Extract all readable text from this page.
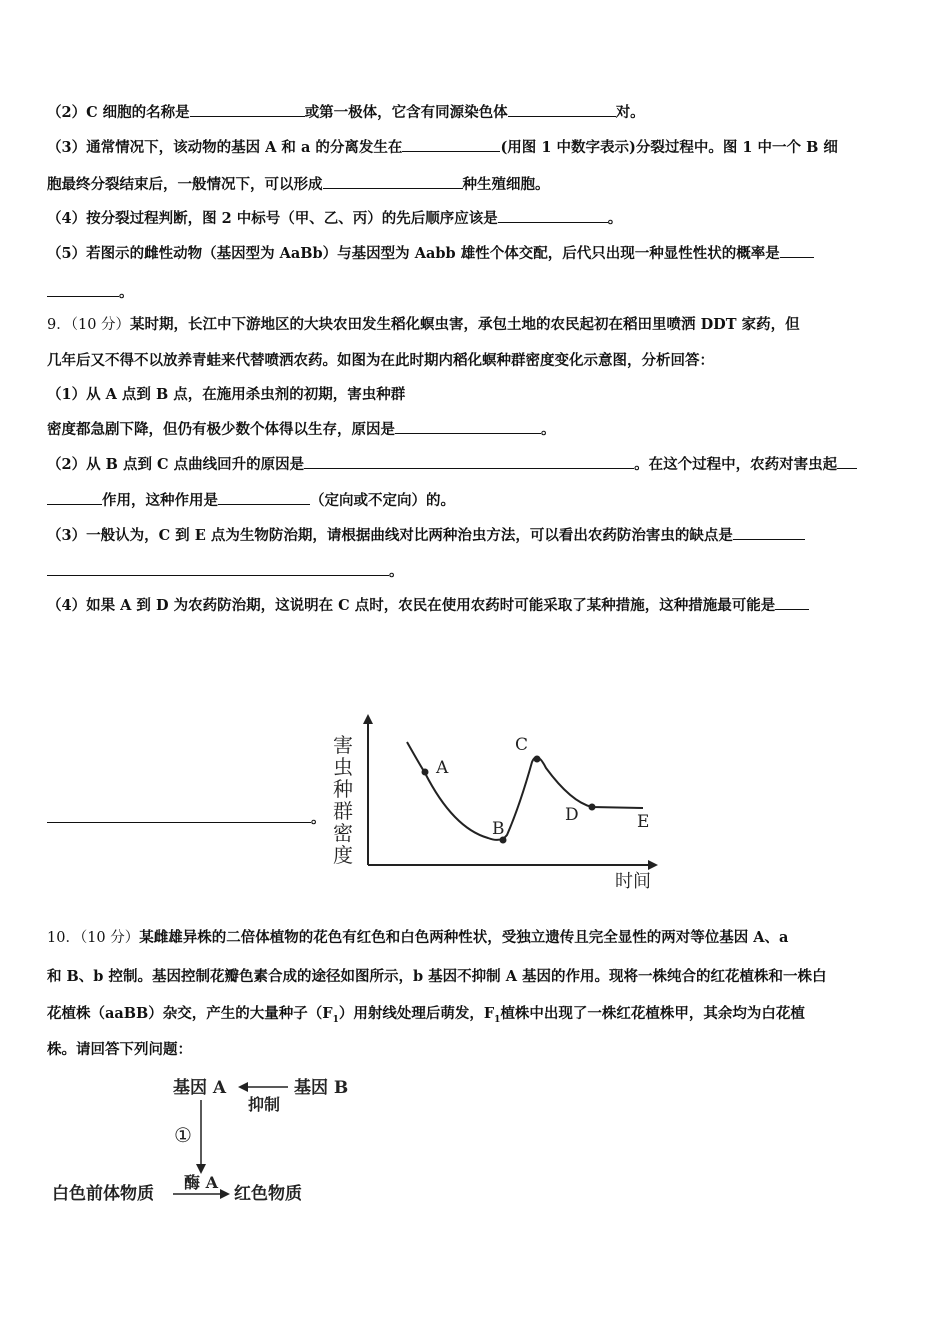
（2）C 细胞的名称是	或第一极体，它含有同源染色体	对。
（3）通常情况下，该动物的基因 A 和 a 的分离发生在	(用图 1 中数字表示)分裂过程中。图 1 中一个 B 细
胞最终分裂结束后，一般情况下，可以形成	种生殖细胞。
（4）按分裂过程判断，图 2 中标号（甲、乙、丙）的先后顺序应该是	。
（5）若图示的雌性动物（基因型为 AaBb）与基因型为 Aabb 雄性个体交配，后代只出现一种显性性状的概率是
。
9．（10 分）某时期，长江中下游地区的大块农田发生稻化螟虫害，承包土地的农民起初在稻田里喷洒 DDT 家药，但
几年后又不得不以放养青蛙来代替喷洒农药。如图为在此时期内稻化螟种群密度变化示意图，分析回答：
（1）从 A 点到 B 点，在施用杀虫剂的初期，害虫种群
密度都急剧下降，但仍有极少数个体得以生存，原因是	。
（2）从 B 点到 C 点曲线回升的原因是	。在这个过程中，农药对害虫起
作用，这种作用是	（定向或不定向）的。
（3）一般认为，C 到 E 点为生物防治期，请根据曲线对比两种治虫方法，可以看出农药防治害虫的缺点是
。
（4）如果 A 到 D 为农药防治期，这说明在 C 点时，农民在使用农药时可能采取了某种措施，这种措施最可能是
。
害
虫
种
群
密
度
时间
A
B
C
D	E
10．（10 分）某雌雄异株的二倍体植物的花色有红色和白色两种性状，受独立遗传且完全显性的两对等位基因 A、a
和 B、b 控制。基因控制花瓣色素合成的途径如图所示，b 基因不抑制 A 基因的作用。现将一株纯合的红花植株和一株白
花植株（aaBB）杂交，产生的大量种子$(F_1)$用射线处理后萌发，$F_1$植株中出现了一株红花植株甲，其余均为白花植
株。请回答下列问题：
基因 A	基因 B
抑制
①
酶 A
白色前体物质	红色物质
